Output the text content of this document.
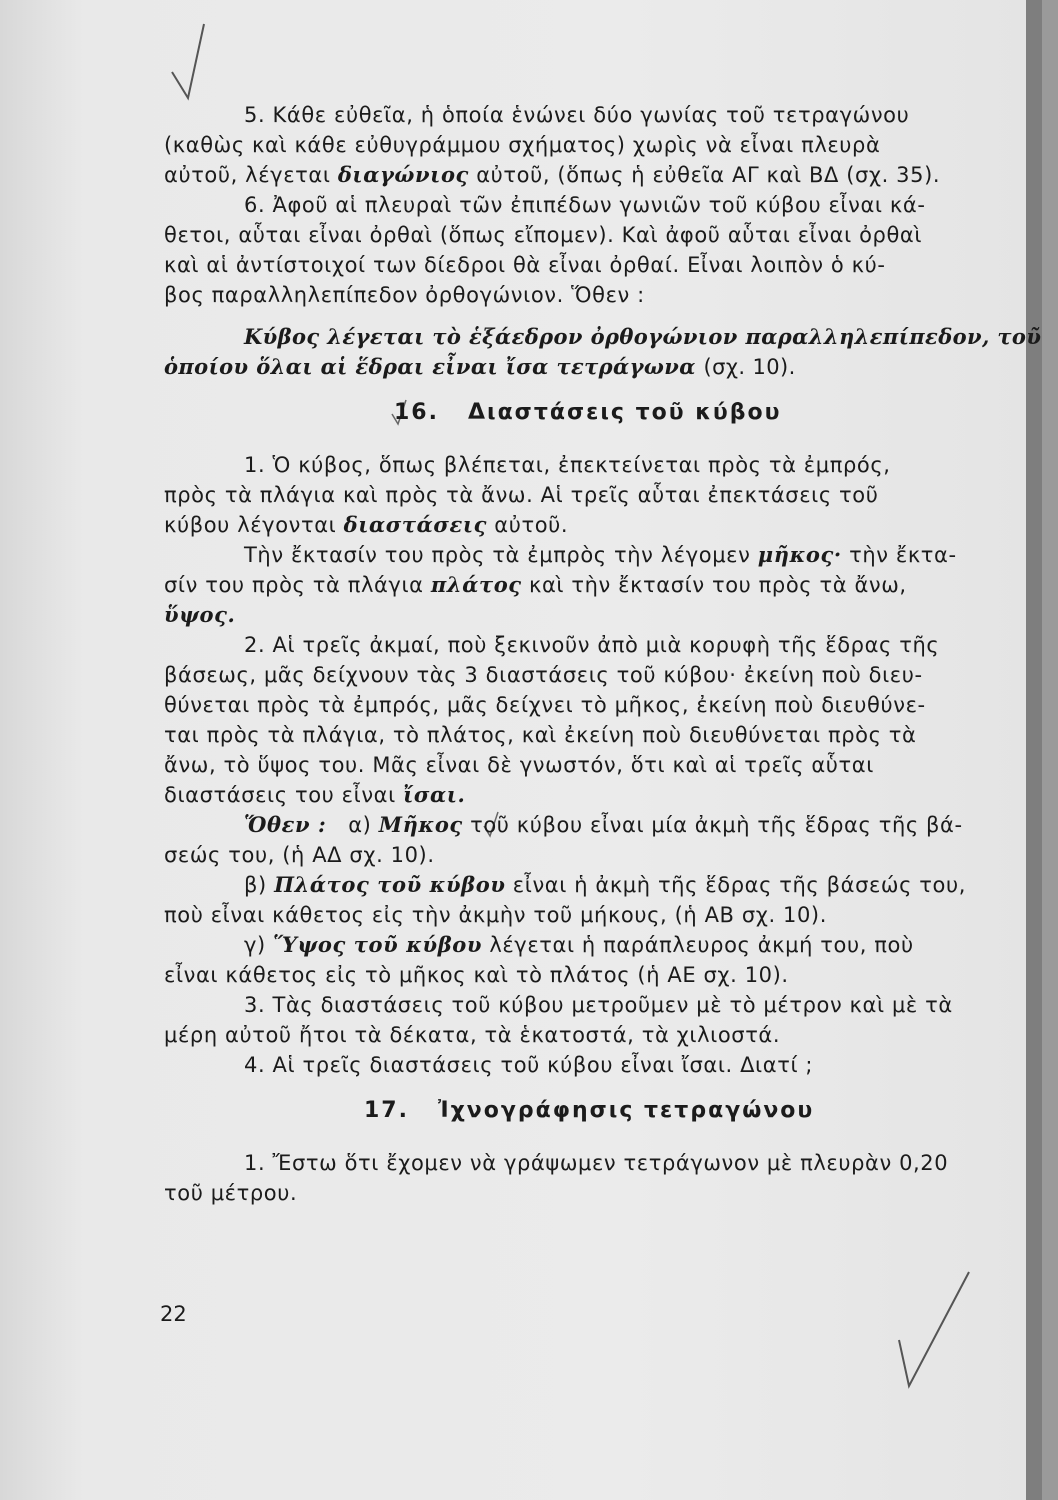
5. Κάθε εὐθεῖα, ἡ ὁποία ἑνώνει δύο γωνίας τοῦ τετραγώνου
(καθὼς καὶ κάθε εὐθυγράμμου σχήματος) χωρὶς νὰ εἶναι πλευρὰ
αὐτοῦ, λέγεται διαγώνιος αὐτοῦ, (ὅπως ἡ εὐθεῖα ΑΓ καὶ ΒΔ (σχ. 35).
6. Ἀφοῦ αἱ πλευραὶ τῶν ἐπιπέδων γωνιῶν τοῦ κύβου εἶναι κά-
θετοι, αὗται εἶναι ὀρθαὶ (ὅπως εἴπομεν). Καὶ ἀφοῦ αὗται εἶναι ὀρθαὶ
καὶ αἱ ἀντίστοιχοί των δίεδροι θὰ εἶναι ὀρθαί. Εἶναι λοιπὸν ὁ κύ-
βος παραλληλεπίπεδον ὀρθογώνιον. Ὅθεν :
Κύβος λέγεται τὸ ἑξάεδρον ὀρθογώνιον παραλληλεπίπεδον, τοῦ
ὁποίου ὅλαι αἱ ἕδραι εἶναι ἴσα τετράγωνα (σχ. 10).
16. Διαστάσεις τοῦ κύβου
1. Ὁ κύβος, ὅπως βλέπεται, ἐπεκτείνεται πρὸς τὰ ἐμπρός,
πρὸς τὰ πλάγια καὶ πρὸς τὰ ἄνω. Αἱ τρεῖς αὗται ἐπεκτάσεις τοῦ
κύβου λέγονται διαστάσεις αὐτοῦ.
Τὴν ἔκτασίν του πρὸς τὰ ἐμπρὸς τὴν λέγομεν μῆκος· τὴν ἔκτα-
σίν του πρὸς τὰ πλάγια πλάτος καὶ τὴν ἔκτασίν του πρὸς τὰ ἄνω,
ὕψος.
2. Αἱ τρεῖς ἀκμαί, ποὺ ξεκινοῦν ἀπὸ μιὰ κορυφὴ τῆς ἕδρας τῆς
βάσεως, μᾶς δείχνουν τὰς 3 διαστάσεις τοῦ κύβου· ἐκείνη ποὺ διευ-
θύνεται πρὸς τὰ ἐμπρός, μᾶς δείχνει τὸ μῆκος, ἐκείνη ποὺ διευθύνε-
ται πρὸς τὰ πλάγια, τὸ πλάτος, καὶ ἐκείνη ποὺ διευθύνεται πρὸς τὰ
ἄνω, τὸ ὕψος του. Μᾶς εἶναι δὲ γνωστόν, ὅτι καὶ αἱ τρεῖς αὗται
διαστάσεις του εἶναι ἴσαι.
Ὅθεν : α) Μῆκος τοῦ κύβου εἶναι μία ἀκμὴ τῆς ἕδρας τῆς βά-
σεώς του, (ἡ ΑΔ σχ. 10).
β) Πλάτος τοῦ κύβου εἶναι ἡ ἀκμὴ τῆς ἕδρας τῆς βάσεώς του,
ποὺ εἶναι κάθετος εἰς τὴν ἀκμὴν τοῦ μήκους, (ἡ ΑΒ σχ. 10).
γ) Ὕψος τοῦ κύβου λέγεται ἡ παράπλευρος ἀκμή του, ποὺ
εἶναι κάθετος εἰς τὸ μῆκος καὶ τὸ πλάτος (ἡ ΑΕ σχ. 10).
3. Τὰς διαστάσεις τοῦ κύβου μετροῦμεν μὲ τὸ μέτρον καὶ μὲ τὰ
μέρη αὐτοῦ ἤτοι τὰ δέκατα, τὰ ἑκατοστά, τὰ χιλιοστά.
4. Αἱ τρεῖς διαστάσεις τοῦ κύβου εἶναι ἴσαι. Διατί ;
17. Ἰχνογράφησις τετραγώνου
1. Ἔστω ὅτι ἔχομεν νὰ γράψωμεν τετράγωνον μὲ πλευρὰν 0,20
τοῦ μέτρου.
22
